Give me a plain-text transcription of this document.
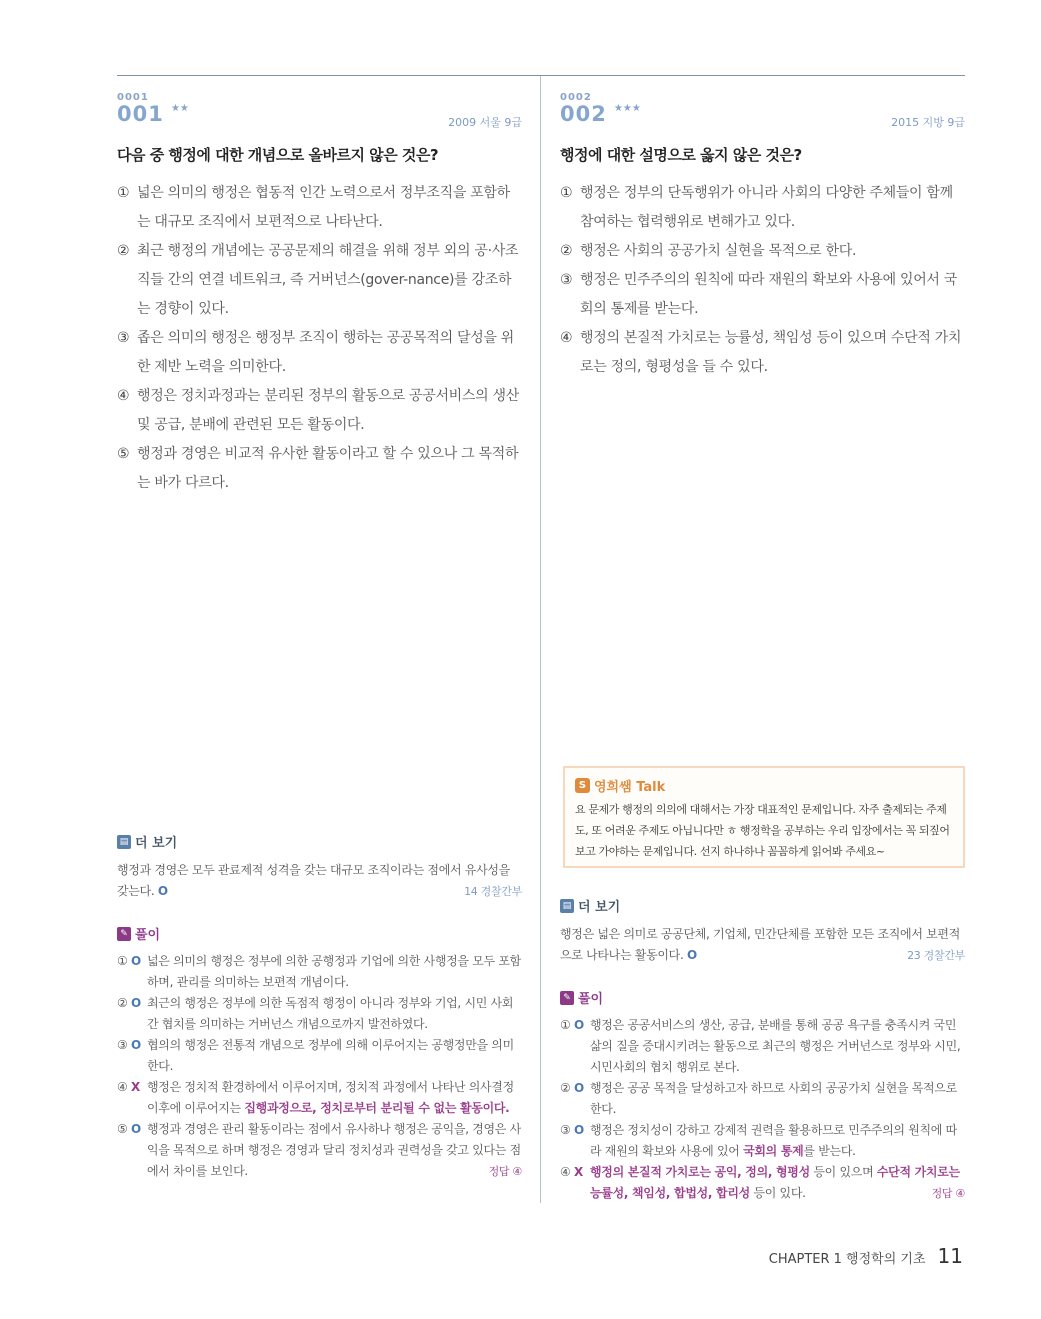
0001
001 ★★
2009 서울 9급
다음 중 행정에 대한 개념으로 올바르지 않은 것은?
① 넓은 의미의 행정은 협동적 인간 노력으로서 정부조직을 포함하는 대규모 조직에서 보편적으로 나타난다.
② 최근 행정의 개념에는 공공문제의 해결을 위해 정부 외의 공·사조직들 간의 연결 네트워크, 즉 거버넌스(gover-nance)를 강조하는 경향이 있다.
③ 좁은 의미의 행정은 행정부 조직이 행하는 공공목적의 달성을 위한 제반 노력을 의미한다.
④ 행정은 정치과정과는 분리된 정부의 활동으로 공공서비스의 생산 및 공급, 분배에 관련된 모든 활동이다.
⑤ 행정과 경영은 비교적 유사한 활동이라고 할 수 있으나 그 목적하는 바가 다르다.
▤ 더 보기
행정과 경영은 모두 관료제적 성격을 갖는 대규모 조직이라는 점에서 유사성을 갖는다. O	14 경찰간부
✎ 풀이
① O 넓은 의미의 행정은 정부에 의한 공행정과 기업에 의한 사행정을 모두 포함하며, 관리를 의미하는 보편적 개념이다.
② O 최근의 행정은 정부에 의한 독점적 행정이 아니라 정부와 기업, 시민 사회 간 협치를 의미하는 거버넌스 개념으로까지 발전하였다.
③ O 협의의 행정은 전통적 개념으로 정부에 의해 이루어지는 공행정만을 의미한다.
④ X 행정은 정치적 환경하에서 이루어지며, 정치적 과정에서 나타난 의사결정 이후에 이루어지는 집행과정으로, 정치로부터 분리될 수 없는 활동이다.
⑤ O 행정과 경영은 관리 활동이라는 점에서 유사하나 행정은 공익을, 경영은 사익을 목적으로 하며 행정은 경영과 달리 정치성과 권력성을 갖고 있다는 점에서 차이를 보인다.	정답 ④
0002
002 ★★★
2015 지방 9급
행정에 대한 설명으로 옳지 않은 것은?
① 행정은 정부의 단독행위가 아니라 사회의 다양한 주체들이 함께 참여하는 협력행위로 변해가고 있다.
② 행정은 사회의 공공가치 실현을 목적으로 한다.
③ 행정은 민주주의의 원칙에 따라 재원의 확보와 사용에 있어서 국회의 통제를 받는다.
④ 행정의 본질적 가치로는 능률성, 책임성 등이 있으며 수단적 가치로는 정의, 형평성을 들 수 있다.
S 영희쌤 Talk
요 문제가 행정의 의의에 대해서는 가장 대표적인 문제입니다. 자주 출제되는 주제도, 또 어려운 주제도 아닙니다만 ㅎ 행정학을 공부하는 우리 입장에서는 꼭 되짚어보고 가야하는 문제입니다. 선지 하나하나 꼼꼼하게 읽어봐 주세요~
▤ 더 보기
행정은 넓은 의미로 공공단체, 기업체, 민간단체를 포함한 모든 조직에서 보편적으로 나타나는 활동이다. O	23 경찰간부
✎ 풀이
① O 행정은 공공서비스의 생산, 공급, 분배를 통해 공공 욕구를 충족시켜 국민 삶의 질을 증대시키려는 활동으로 최근의 행정은 거버넌스로 정부와 시민, 시민사회의 협치 행위로 본다.
② O 행정은 공공 목적을 달성하고자 하므로 사회의 공공가치 실현을 목적으로 한다.
③ O 행정은 정치성이 강하고 강제적 권력을 활용하므로 민주주의의 원칙에 따라 재원의 확보와 사용에 있어 국회의 통제를 받는다.
④ X 행정의 본질적 가치로는 공익, 정의, 형평성 등이 있으며 수단적 가치로는 능률성, 책임성, 합법성, 합리성 등이 있다.	정답 ④
CHAPTER 1 행정학의 기초 11
